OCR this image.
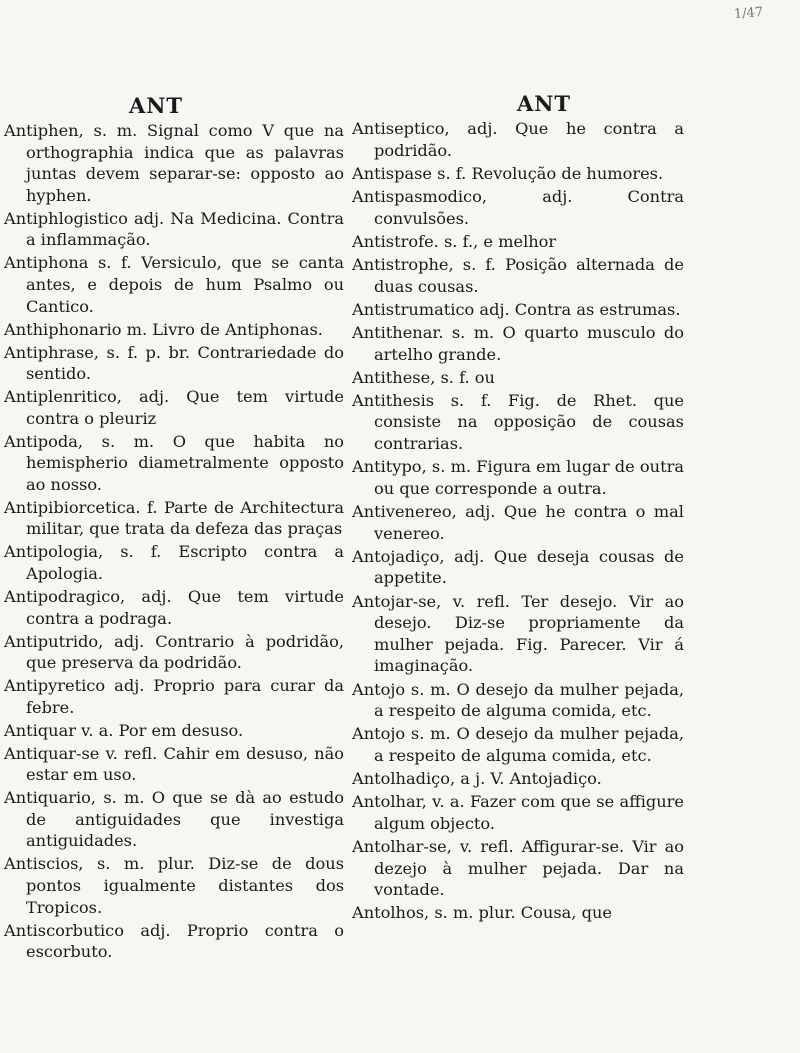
1/47
ANT

Antiphen, s. m. Signal como V que na orthographia indica que as palavras juntas devem separar-se: opposto ao hyphen.

Antiphlogistico adj. Na Medicina. Contra a inflammação.

Antiphona s. f. Versiculo, que se canta antes, e depois de hum Psalmo ou Cantico.

Anthiphonario m. Livro de Antiphonas.

Antiphrase, s. f. p. br. Contrariedade do sentido.

Antiplenritico, adj. Que tem virtude contra o pleuriz

Antipoda, s. m. O que habita no hemispherio diametralmente opposto ao nosso.

Antipibiorcetica. f. Parte de Architectura militar, que trata da defeza das praças

Antipologia, s. f. Escripto contra a Apologia.

Antipodragico, adj. Que tem virtude contra a podraga.

Antiputrido, adj. Contrario à podridão, que preserva da podridão.

Antipyretico adj. Proprio para curar da febre.

Antiquar v. a. Por em desuso.

Antiquar-se v. refl. Cahir em desuso, não estar em uso.

Antiquario, s. m. O que se dà ao estudo de antiguidades que investiga antiguidades.

Antiscios, s. m. plur. Diz-se de dous pontos igualmente distantes dos Tropicos.

Antiscorbutico adj. Proprio contra o escorbuto.

ANT

Antiseptico, adj. Que he contra a podridão.

Antispase s. f. Revolução de humores.

Antispasmodico, adj. Contra convulsões.

Antistrofe. s. f., e melhor

Antistrophe, s. f. Posição alternada de duas cousas.

Antistrumatico adj. Contra as estrumas.

Antithenar. s. m. O quarto musculo do artelho grande.

Antithese, s. f. ou

Antithesis s. f. Fig. de Rhet. que consiste na opposição de cousas contrarias.

Antitypo, s. m. Figura em lugar de outra ou que corresponde a outra.

Antivenereo, adj. Que he contra o mal venereo.

Antojadiço, adj. Que deseja cousas de appetite.

Antojar-se, v. refl. Ter desejo. Vir ao desejo. Diz-se propriamente da mulher pejada. Fig. Parecer. Vir á imaginação.

Antojo s. m. O desejo da mulher pejada, a respeito de alguma comida, etc.

Antojo s. m. O desejo da mulher pejada, a respeito de alguma comida, etc.

Antolhadiço, a j. V. Antojadiço.

Antolhar, v. a. Fazer com que se affigure algum objecto.

Antolhar-se, v. refl. Affigurar-se. Vir ao dezejo à mulher pejada. Dar na vontade.

Antolhos, s. m. plur. Cousa, que
